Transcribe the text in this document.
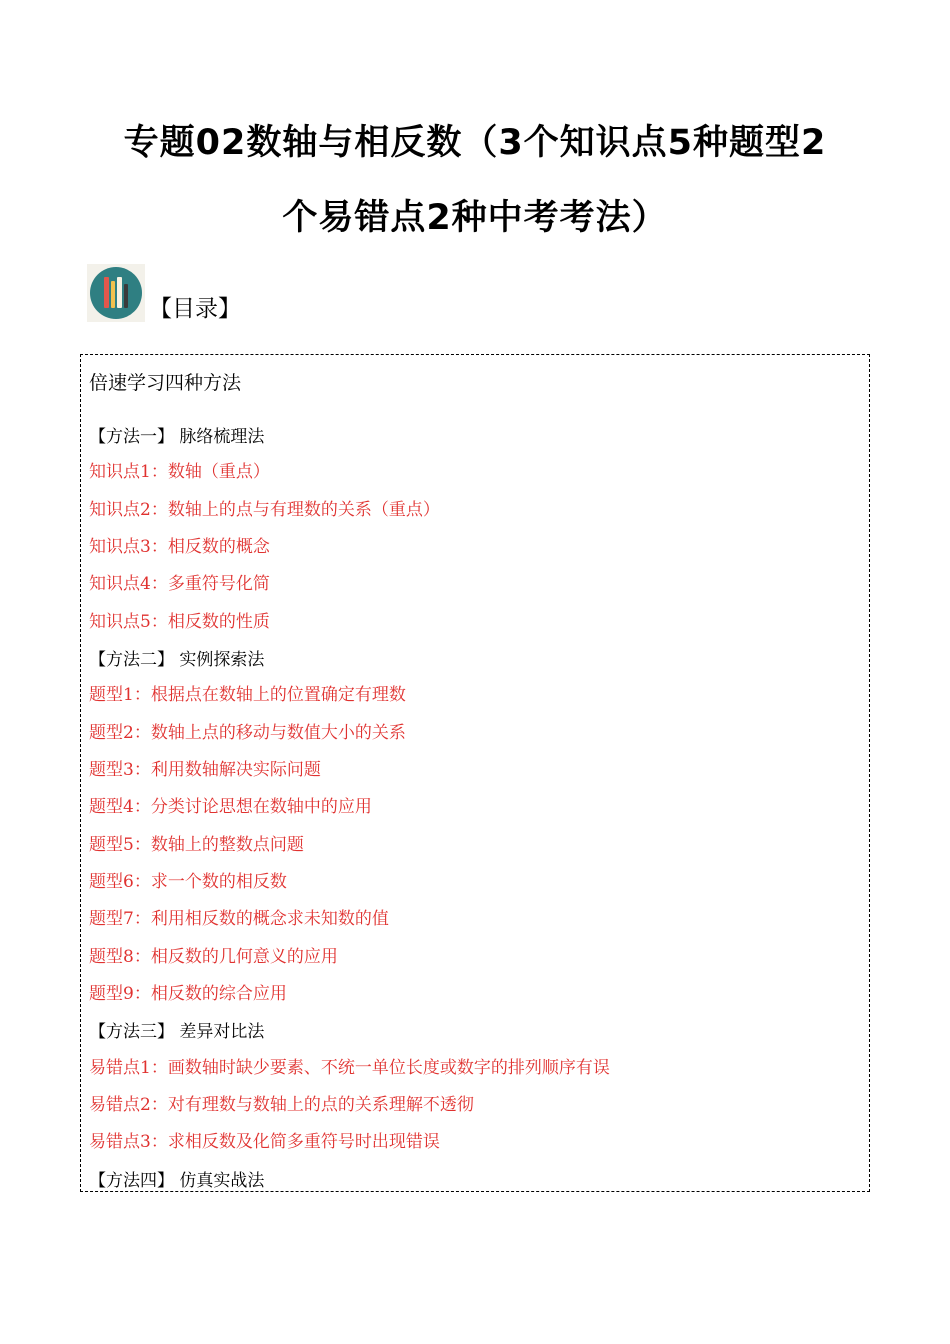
专题02数轴与相反数（3个知识点5种题型2
个易错点2种中考考法）
【目录】
倍速学习四种方法
【方法一】 脉络梳理法
知识点1：数轴（重点）
知识点2：数轴上的点与有理数的关系（重点）
知识点3：相反数的概念
知识点4：多重符号化简
知识点5：相反数的性质
【方法二】 实例探索法
题型1：根据点在数轴上的位置确定有理数
题型2：数轴上点的移动与数值大小的关系
题型3：利用数轴解决实际问题
题型4：分类讨论思想在数轴中的应用
题型5：数轴上的整数点问题
题型6：求一个数的相反数
题型7：利用相反数的概念求未知数的值
题型8：相反数的几何意义的应用
题型9：相反数的综合应用
【方法三】 差异对比法
易错点1：画数轴时缺少要素、不统一单位长度或数字的排列顺序有误
易错点2：对有理数与数轴上的点的关系理解不透彻
易错点3：求相反数及化简多重符号时出现错误
【方法四】 仿真实战法
